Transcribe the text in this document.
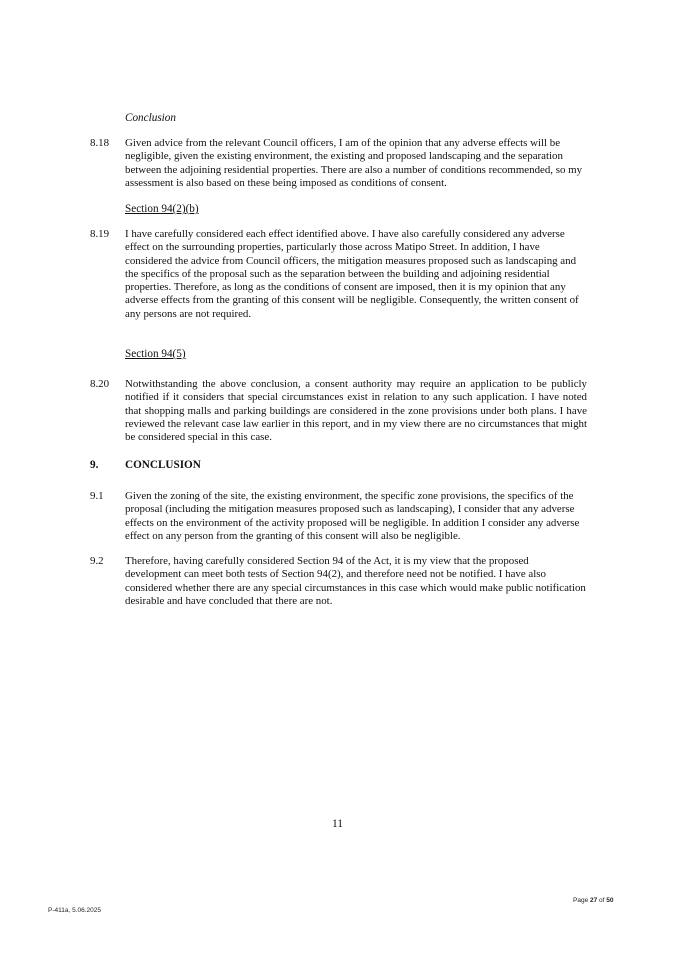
Conclusion
8.18	Given advice from the relevant Council officers, I am of the opinion that any adverse effects will be negligible, given the existing environment, the existing and proposed landscaping and the separation between the adjoining residential properties. There are also a number of conditions recommended, so my assessment is also based on these being imposed as conditions of consent.
Section 94(2)(b)
8.19	I have carefully considered each effect identified above. I have also carefully considered any adverse effect on the surrounding properties, particularly those across Matipo Street. In addition, I have considered the advice from Council officers, the mitigation measures proposed such as landscaping and the specifics of the proposal such as the separation between the building and adjoining residential properties. Therefore, as long as the conditions of consent are imposed, then it is my opinion that any adverse effects from the granting of this consent will be negligible. Consequently, the written consent of any persons are not required.
Section 94(5)
8.20	Notwithstanding the above conclusion, a consent authority may require an application to be publicly notified if it considers that special circumstances exist in relation to any such application. I have noted that shopping malls and parking buildings are considered in the zone provisions under both plans. I have reviewed the relevant case law earlier in this report, and in my view there are no circumstances that might be considered special in this case.
9. CONCLUSION
9.1	Given the zoning of the site, the existing environment, the specific zone provisions, the specifics of the proposal (including the mitigation measures proposed such as landscaping), I consider that any adverse effects on the environment of the activity proposed will be negligible. In addition I consider any adverse effect on any person from the granting of this consent will also be negligible.
9.2	Therefore, having carefully considered Section 94 of the Act, it is my view that the proposed development can meet both tests of Section 94(2), and therefore need not be notified. I have also considered whether there are any special circumstances in this case which would make public notification desirable and have concluded that there are not.
11
Page 27 of 50
P-411a, 5.06.2025
